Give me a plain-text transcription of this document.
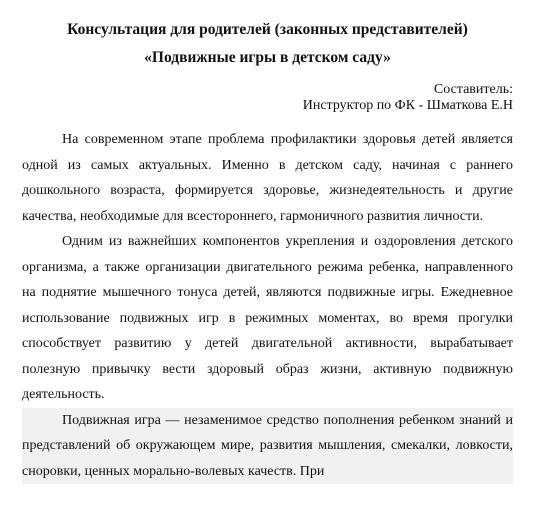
Консультация для родителей (законных представителей)
«Подвижные игры в детском саду»
Составитель:
Инструктор по ФК - Шматкова Е.Н

На современном этапе проблема профилактики здоровья детей является одной из самых актуальных. Именно в детском саду, начиная с раннего дошкольного возраста, формируется здоровье, жизнедеятельность и другие качества, необходимые для всестороннего, гармоничного развития личности.

Одним из важнейших компонентов укрепления и оздоровления детского организма, а также организации двигательного режима ребенка, направленного на поднятие мышечного тонуса детей, являются подвижные игры. Ежедневное использование подвижных игр в режимных моментах, во время прогулки способствует развитию у детей двигательной активности, вырабатывает полезную привычку вести здоровый образ жизни, активную подвижную деятельность.

Подвижная игра — незаменимое средство пополнения ребенком знаний и представлений об окружающем мире, развития мышления, смекалки, ловкости, сноровки, ценных морально-волевых качеств. При
